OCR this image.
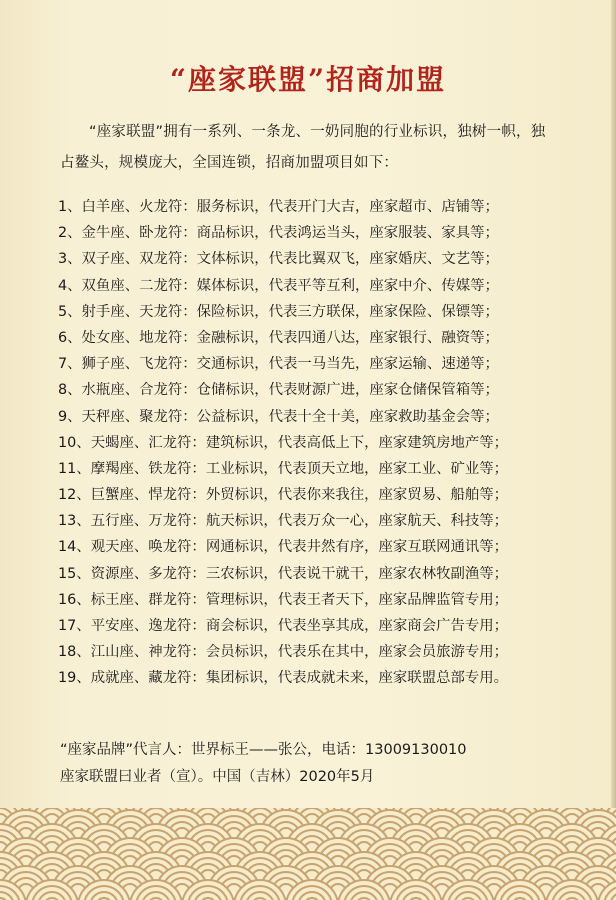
“座家联盟”招商加盟
“座家联盟”拥有一系列、一条龙、一奶同胞的行业标识，独树一帜，独占鳌头，规模庞大，全国连锁，招商加盟项目如下：
1、白羊座、火龙符：服务标识，代表开门大吉，座家超市、店铺等；
2、金牛座、卧龙符：商品标识，代表鸿运当头，座家服装、家具等；
3、双子座、双龙符：文体标识，代表比翼双飞，座家婚庆、文艺等；
4、双鱼座、二龙符：媒体标识，代表平等互利，座家中介、传媒等；
5、射手座、天龙符：保险标识，代表三方联保，座家保险、保镖等；
6、处女座、地龙符：金融标识，代表四通八达，座家银行、融资等；
7、狮子座、飞龙符：交通标识，代表一马当先，座家运输、速递等；
8、水瓶座、合龙符：仓储标识，代表财源广进，座家仓储保管箱等；
9、天秤座、聚龙符：公益标识，代表十全十美，座家救助基金会等；
10、天蝎座、汇龙符：建筑标识，代表高低上下，座家建筑房地产等；
11、摩羯座、铁龙符：工业标识，代表顶天立地，座家工业、矿业等；
12、巨蟹座、悍龙符：外贸标识，代表你来我往，座家贸易、船舶等；
13、五行座、万龙符：航天标识，代表万众一心，座家航天、科技等；
14、观天座、唤龙符：网通标识，代表井然有序，座家互联网通讯等；
15、资源座、多龙符：三农标识，代表说干就干，座家农林牧副渔等；
16、标王座、群龙符：管理标识，代表王者天下，座家品牌监管专用；
17、平安座、逸龙符：商会标识，代表坐享其成，座家商会广告专用；
18、江山座、神龙符：会员标识，代表乐在其中，座家会员旅游专用；
19、成就座、藏龙符：集团标识，代表成就未来，座家联盟总部专用。
“座家品牌”代言人：世界标王——张公，电话：13009130010
座家联盟曰业者（宣）。中国（吉林）2020年5月
